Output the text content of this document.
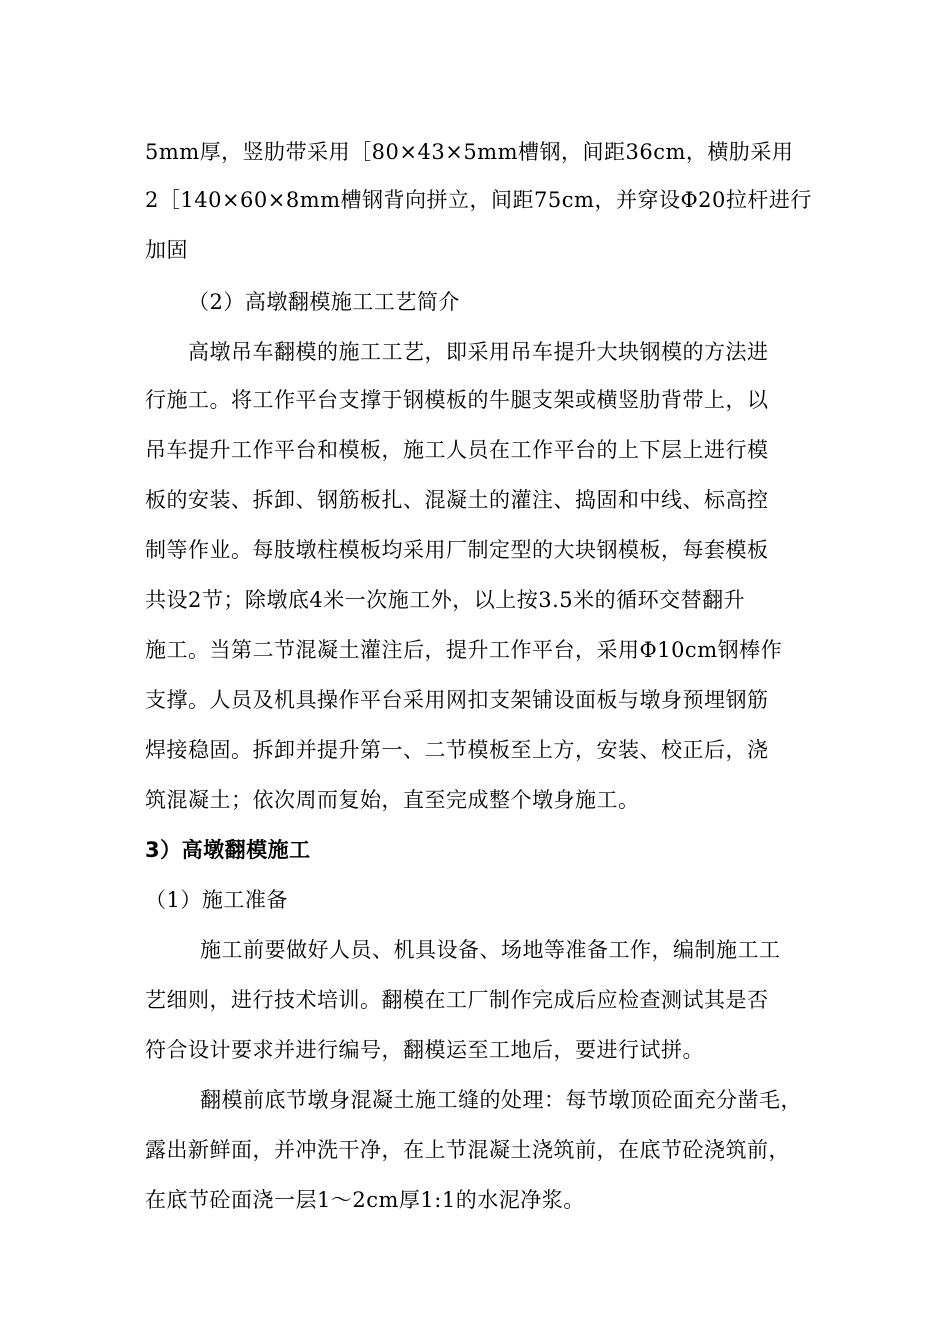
5mm厚，竖肋带采用［80×43×5mm槽钢，间距36cm，横肋采用
2［140×60×8mm槽钢背向拼立，间距75cm，并穿设Φ20拉杆进行
加固
（2）高墩翻模施工工艺简介
高墩吊车翻模的施工工艺，即采用吊车提升大块钢模的方法进
行施工。将工作平台支撑于钢模板的牛腿支架或横竖肋背带上，以
吊车提升工作平台和模板，施工人员在工作平台的上下层上进行模
板的安装、拆卸、钢筋板扎、混凝土的灌注、捣固和中线、标高控
制等作业。每肢墩柱模板均采用厂制定型的大块钢模板，每套模板
共设2节；除墩底4米一次施工外，以上按3.5米的循环交替翻升
施工。当第二节混凝土灌注后，提升工作平台，采用Φ10cm钢棒作
支撑。人员及机具操作平台采用网扣支架铺设面板与墩身预埋钢筋
焊接稳固。拆卸并提升第一、二节模板至上方，安装、校正后，浇
筑混凝土；依次周而复始，直至完成整个墩身施工。
3）高墩翻模施工
（1）施工准备
施工前要做好人员、机具设备、场地等准备工作，编制施工工
艺细则，进行技术培训。翻模在工厂制作完成后应检查测试其是否
符合设计要求并进行编号，翻模运至工地后，要进行试拼。
翻模前底节墩身混凝土施工缝的处理：每节墩顶砼面充分凿毛，
露出新鲜面，并冲洗干净，在上节混凝土浇筑前，在底节砼浇筑前，
在底节砼面浇一层1～2cm厚1:1的水泥净浆。
